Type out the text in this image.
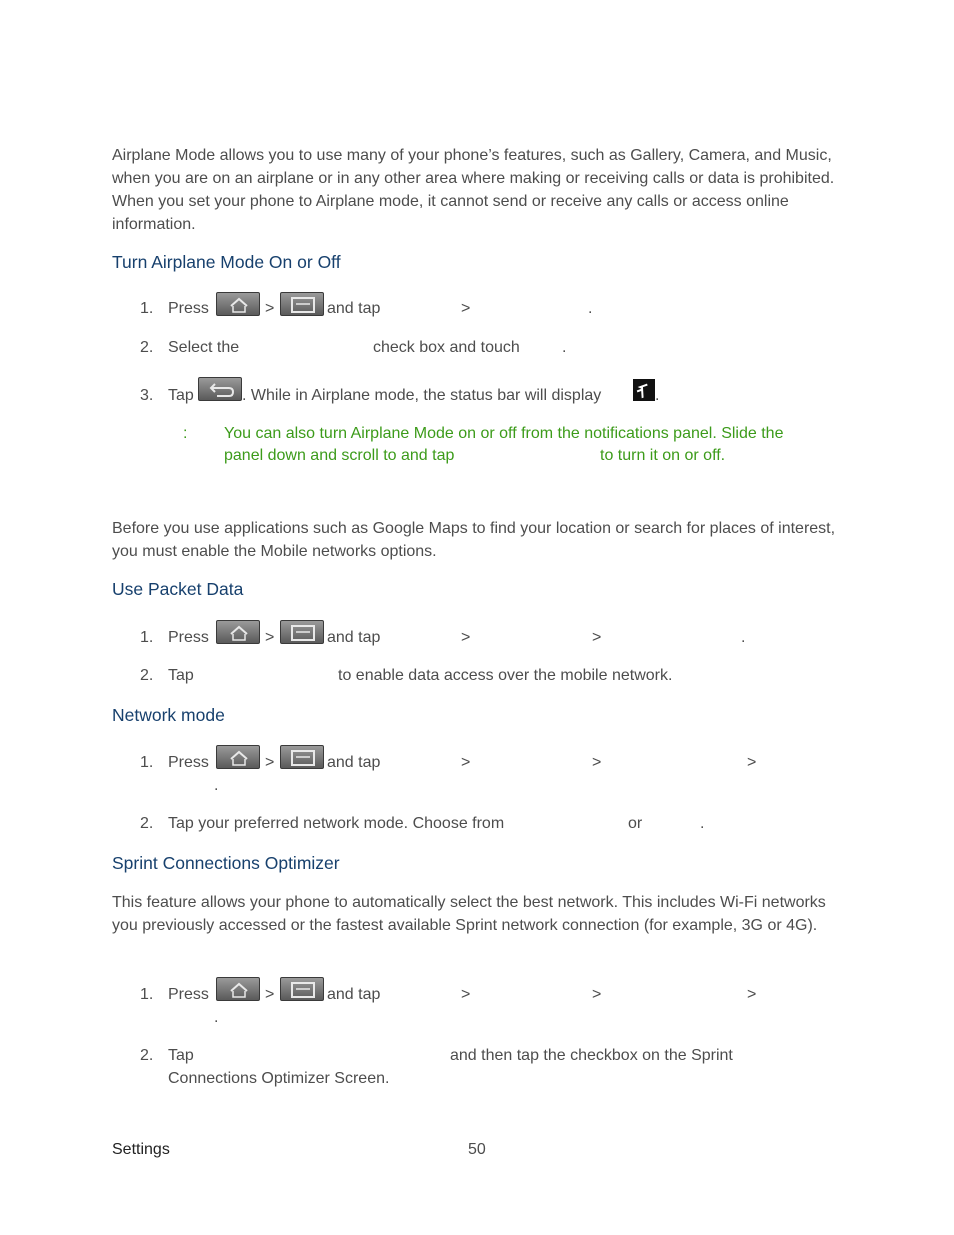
Airplane Mode allows you to use many of your phone’s features, such as Gallery, Camera, and Music, when you are on an airplane or in any other area where making or receiving calls or data is prohibited. When you set your phone to Airplane mode, it cannot send or receive any calls or access online information.
Turn Airplane Mode On or Off
1. Press	>	and tap	>	.
2. Select the	check box and touch	.
3. Tap	. While in Airplane mode, the status bar will display	.
: You can also turn Airplane Mode on or off from the notifications panel. Slide the
panel down and scroll to and tap	to turn it on or off.
Before you use applications such as Google Maps to find your location or search for places of interest, you must enable the Mobile networks options.
Use Packet Data
1. Press	>	and tap	>	>	.
2. Tap	to enable data access over the mobile network.
Network mode
1. Press	>	and tap	>	>	>
.
2. Tap your preferred network mode. Choose from	or	.
Sprint Connections Optimizer
This feature allows your phone to automatically select the best network. This includes Wi-Fi networks you previously accessed or the fastest available Sprint network connection (for example, 3G or 4G).
1. Press	>	and tap	>	>	>
.
2. Tap	and then tap the checkbox on the Sprint
Connections Optimizer Screen.
Settings	50
